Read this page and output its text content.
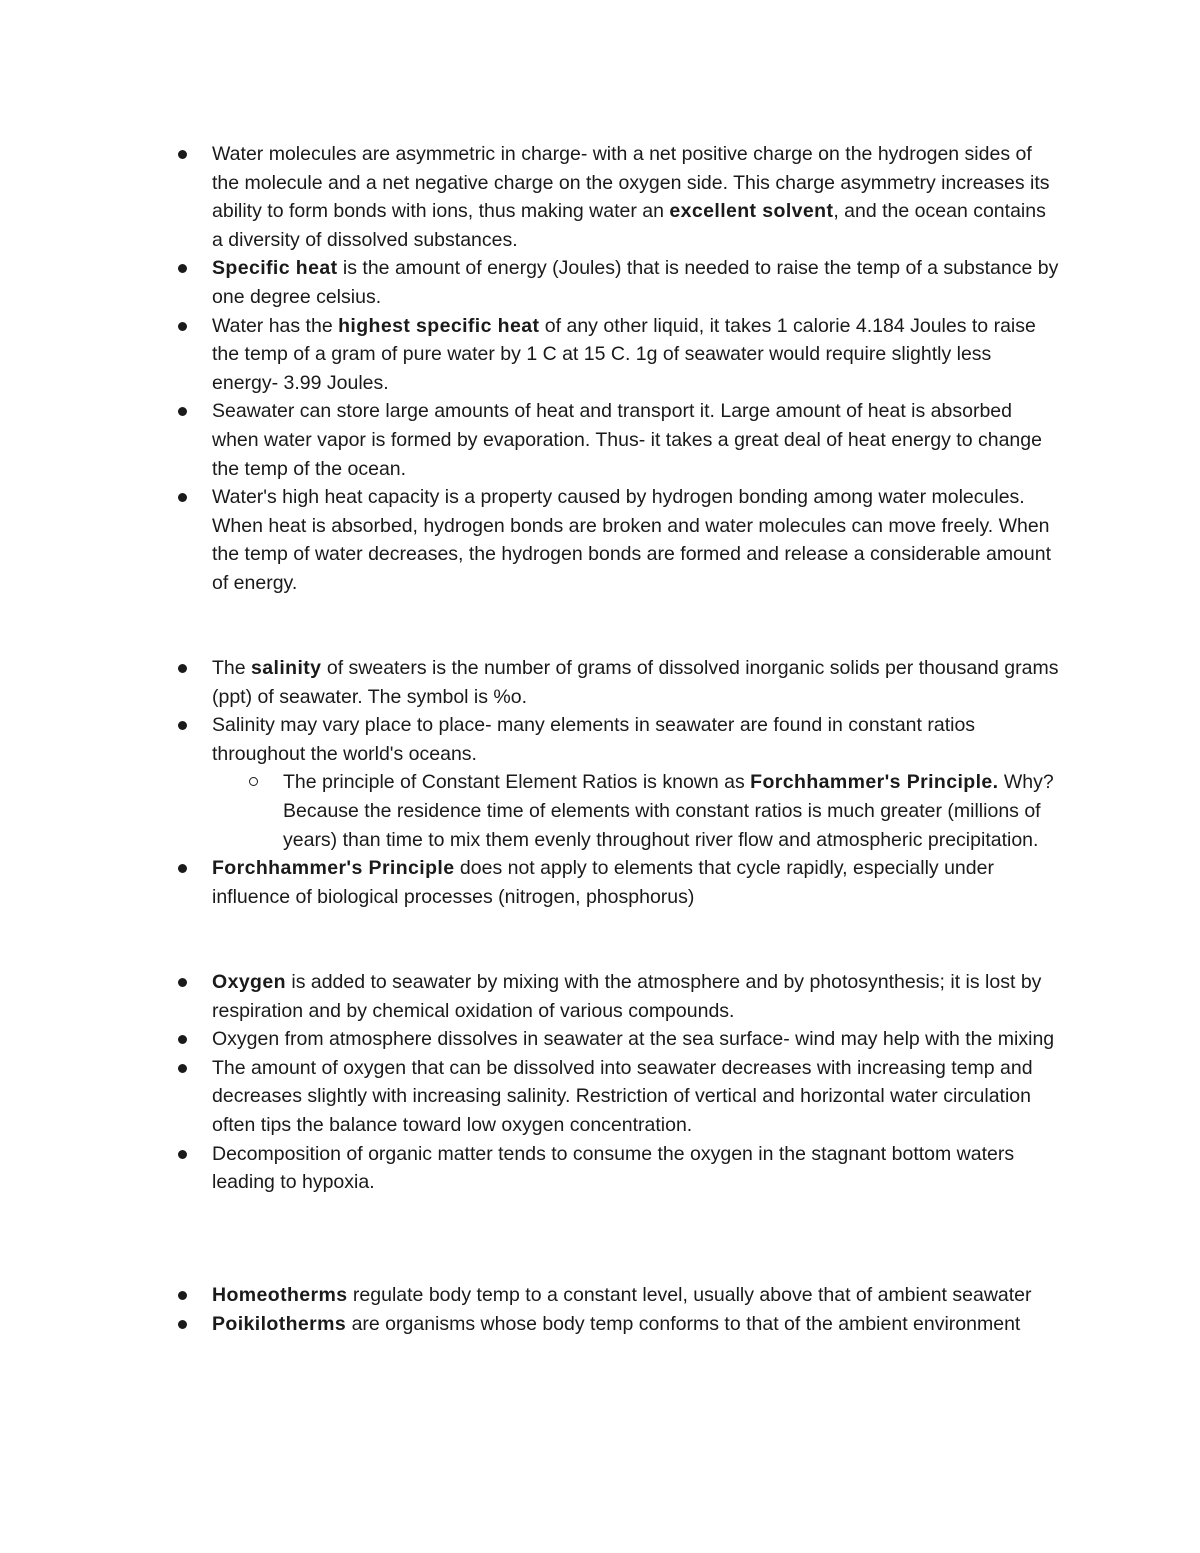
Water molecules are asymmetric in charge- with a net positive charge on the hydrogen sides of the molecule and a net negative charge on the oxygen side. This charge asymmetry increases its ability to form bonds with ions, thus making water an excellent solvent, and the ocean contains a diversity of dissolved substances.
Specific heat is the amount of energy (Joules) that is needed to raise the temp of a substance by one degree celsius.
Water has the highest specific heat of any other liquid, it takes 1 calorie 4.184 Joules to raise the temp of a gram of pure water by 1 C at 15 C. 1g of seawater would require slightly less energy- 3.99 Joules.
Seawater can store large amounts of heat and transport it. Large amount of heat is absorbed when water vapor is formed by evaporation. Thus- it takes a great deal of heat energy to change the temp of the ocean.
Water's high heat capacity is a property caused by hydrogen bonding among water molecules. When heat is absorbed, hydrogen bonds are broken and water molecules can move freely. When the temp of water decreases, the hydrogen bonds are formed and release a considerable amount of energy.
The salinity of sweaters is the number of grams of dissolved inorganic solids per thousand grams (ppt) of seawater. The symbol is %o.
Salinity may vary place to place- many elements in seawater are found in constant ratios throughout the world's oceans.
The principle of Constant Element Ratios is known as Forchhammer's Principle. Why? Because the residence time of elements with constant ratios is much greater (millions of years) than time to mix them evenly throughout river flow and atmospheric precipitation.
Forchhammer's Principle does not apply to elements that cycle rapidly, especially under influence of biological processes (nitrogen, phosphorus)
Oxygen is added to seawater by mixing with the atmosphere and by photosynthesis; it is lost by respiration and by chemical oxidation of various compounds.
Oxygen from atmosphere dissolves in seawater at the sea surface- wind may help with the mixing
The amount of oxygen that can be dissolved into seawater decreases with increasing temp and decreases slightly with increasing salinity. Restriction of vertical and horizontal water circulation often tips the balance toward low oxygen concentration.
Decomposition of organic matter tends to consume the oxygen in the stagnant bottom waters leading to hypoxia.
Homeotherms regulate body temp to a constant level, usually above that of ambient seawater
Poikilotherms are organisms whose body temp conforms to that of the ambient environment
